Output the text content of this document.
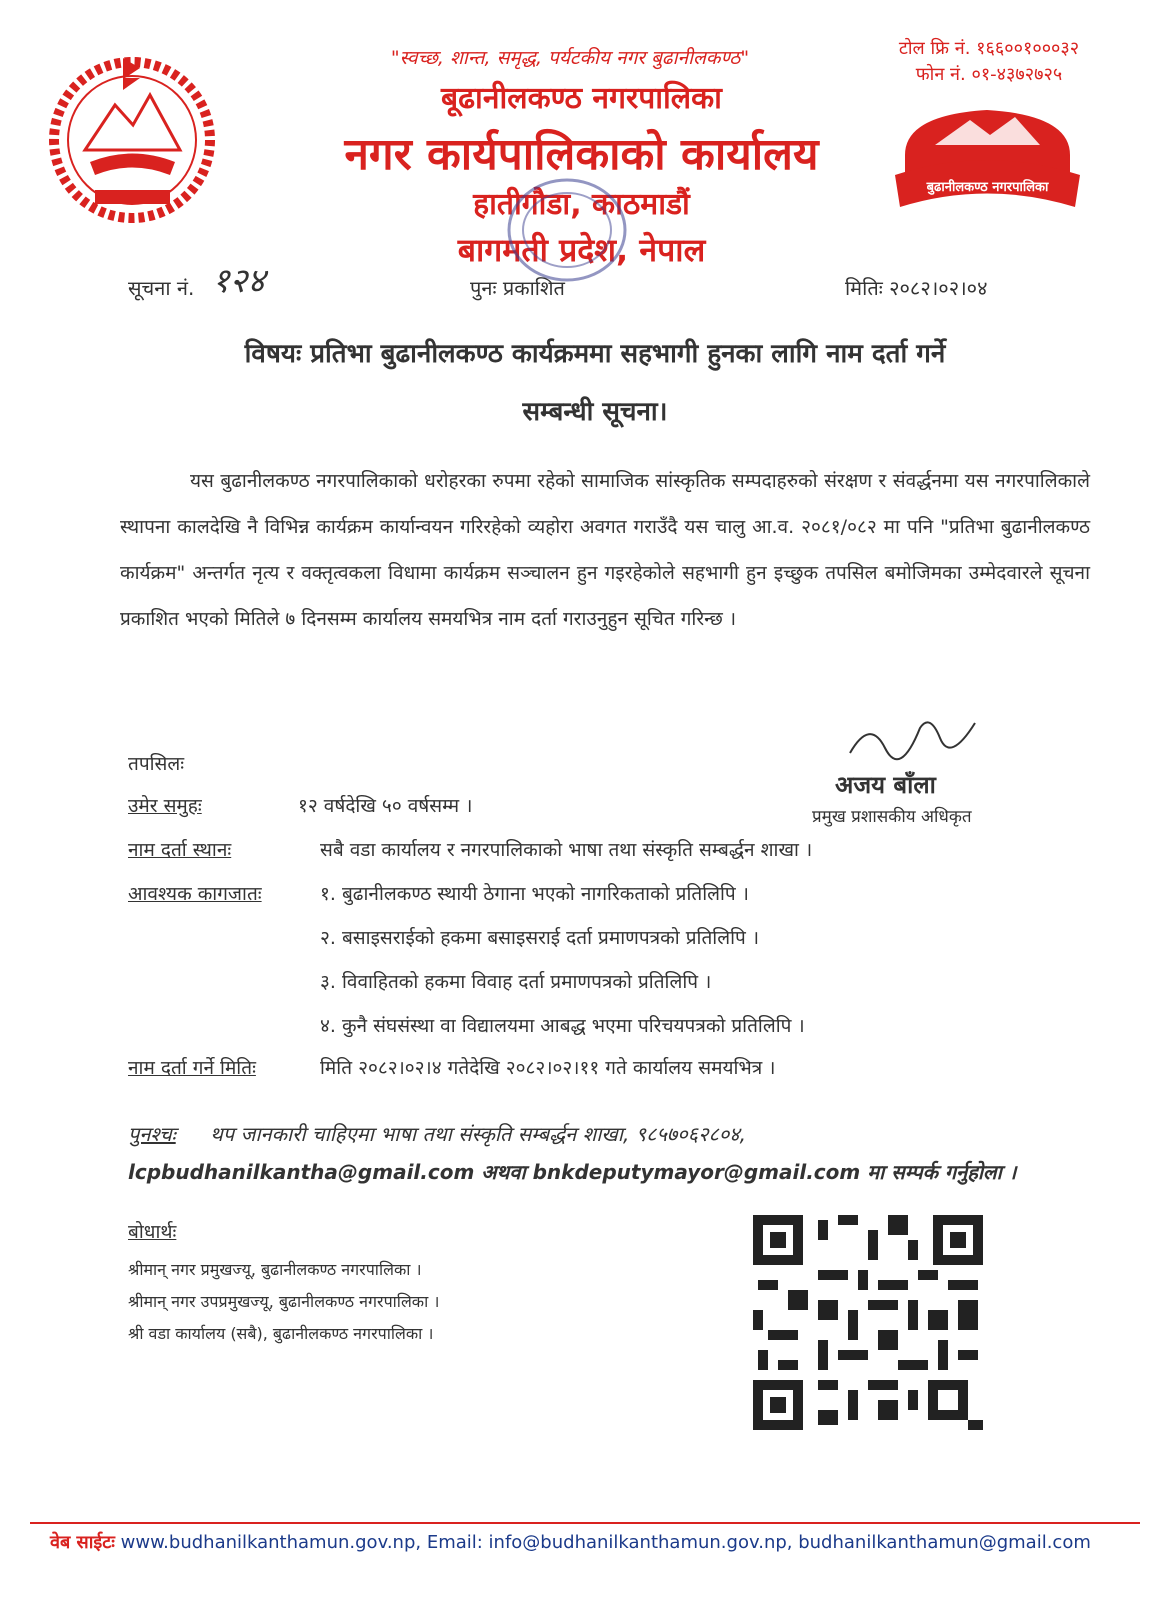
"स्वच्छ, शान्त, समृद्ध, पर्यटकीय नगर बुढानीलकण्ठ"
बूढानीलकण्ठ नगरपालिका
नगर कार्यपालिकाको कार्यालय
हातीगौडा, काठमाडौं
बागमती प्रदेश, नेपाल
टोल फ्रि नं. १६६००१०००३२
फोन नं. ०१-४३७२७२५
बुढानीलकण्ठ नगरपालिका
सूचना नं. १२४	पुनः प्रकाशित	मितिः २०८२।०२।०४
विषयः प्रतिभा बुढानीलकण्ठ कार्यक्रममा सहभागी हुनका लागि नाम दर्ता गर्ने
सम्बन्धी सूचना।
यस बुढानीलकण्ठ नगरपालिकाको धरोहरका रुपमा रहेको सामाजिक सांस्कृतिक सम्पदाहरुको संरक्षण र संवर्द्धनमा यस नगरपालिकाले स्थापना कालदेखि नै विभिन्न कार्यक्रम कार्यान्वयन गरिरहेको व्यहोरा अवगत गराउँदै यस चालु आ.व. २०८१/०८२ मा पनि "प्रतिभा बुढानीलकण्ठ कार्यक्रम" अन्तर्गत नृत्य र वक्तृत्वकला विधामा कार्यक्रम सञ्चालन हुन गइरहेकोले सहभागी हुन इच्छुक तपसिल बमोजिमका उम्मेदवारले सूचना प्रकाशित भएको मितिले ७ दिनसम्म कार्यालय समयभित्र नाम दर्ता गराउनुहुन सूचित गरिन्छ ।
अजय बाँला
प्रमुख प्रशासकीय अधिकृत
तपसिलः
उमेर समुहः	१२ वर्षदेखि ५० वर्षसम्म ।
नाम दर्ता स्थानः	सबै वडा कार्यालय र नगरपालिकाको भाषा तथा संस्कृति सम्बर्द्धन शाखा ।
आवश्यक कागजातः	१. बुढानीलकण्ठ स्थायी ठेगाना भएको नागरिकताको प्रतिलिपि ।
२. बसाइसराईको हकमा बसाइसराई दर्ता प्रमाणपत्रको प्रतिलिपि ।
३. विवाहितको हकमा विवाह दर्ता प्रमाणपत्रको प्रतिलिपि ।
४. कुनै संघसंस्था वा विद्यालयमा आबद्ध भएमा परिचयपत्रको प्रतिलिपि ।
नाम दर्ता गर्ने मितिः	मिति २०८२।०२।४ गतेदेखि २०८२।०२।११ गते कार्यालय समयभित्र ।
पुनश्चः थप जानकारी चाहिएमा भाषा तथा संस्कृति सम्बर्द्धन शाखा, ९८५७०६२८०४,
lcpbudhanilkantha@gmail.com अथवा bnkdeputymayor@gmail.com मा सम्पर्क गर्नुहोला ।
बोधार्थः
श्रीमान् नगर प्रमुखज्यू, बुढानीलकण्ठ नगरपालिका ।
श्रीमान् नगर उपप्रमुखज्यू, बुढानीलकण्ठ नगरपालिका ।
श्री वडा कार्यालय (सबै), बुढानीलकण्ठ नगरपालिका ।
वेब साईटः www.budhanilkanthamun.gov.np, Email: info@budhanilkanthamun.gov.np, budhanilkanthamun@gmail.com
